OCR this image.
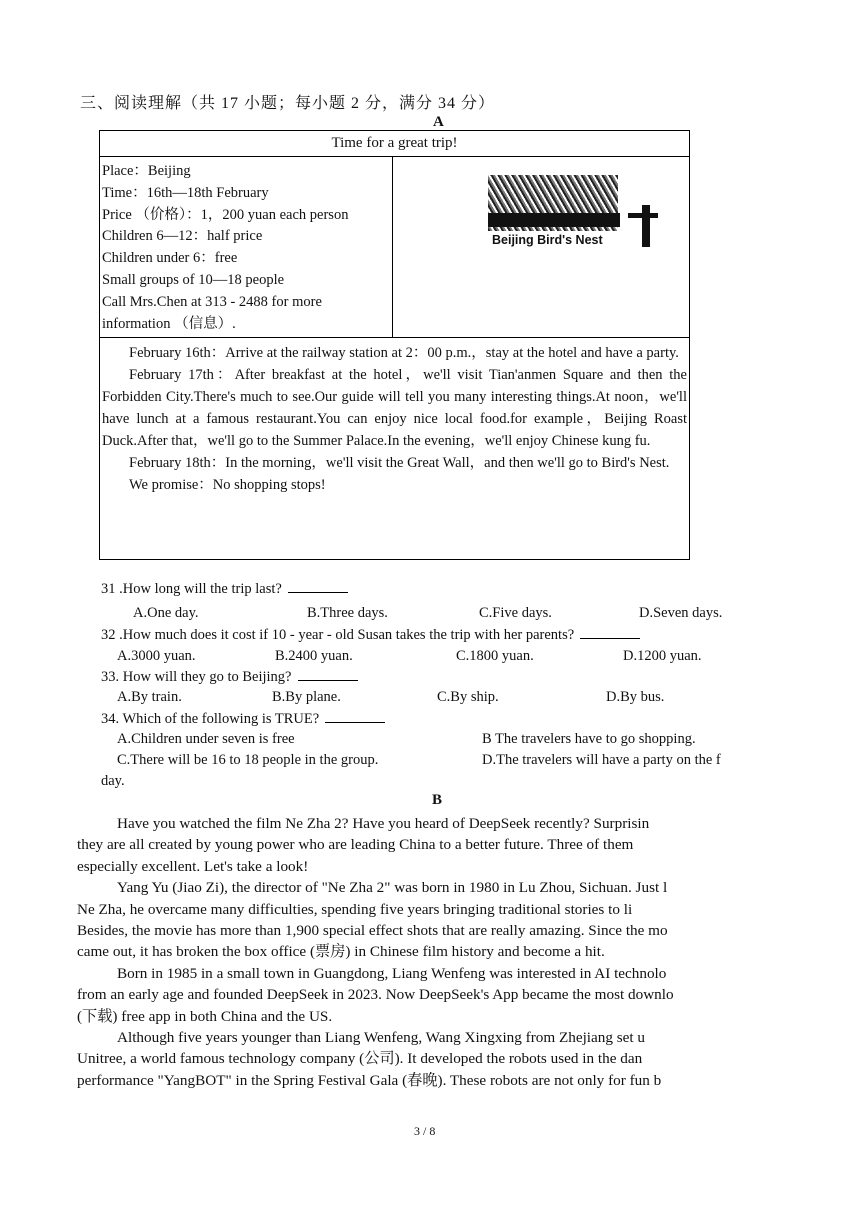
三、阅读理解（共 17 小题；每小题 2 分，满分 34 分）
A
Time for a great trip!
Place：Beijing
Time：16th—18th February
Price （价格）：1，200 yuan each person
Children 6—12：half price
Children under 6：free
Small groups of 10—18 people
Call Mrs.Chen at 313 - 2488 for more
information （信息）.
Beijing Bird's Nest

February 16th：Arrive at the railway station at 2：00 p.m.，stay at the hotel and have a party.

February 17th：After breakfast at the hotel，we'll visit Tian'anmen Square and then the Forbidden City.There's much to see.Our guide will tell you many interesting things.At noon，we'll have lunch at a famous restaurant.You can enjoy nice local food.for example，Beijing Roast Duck.After that，we'll go to the Summer Palace.In the evening，we'll enjoy Chinese kung fu.

February 18th：In the morning，we'll visit the Great Wall，and then we'll go to Bird's Nest.

We promise：No shopping stops!

31 .How long will the trip last?
A.One day.	B.Three days.	C.Five days.	D.Seven days.
32 .How much does it cost if 10 - year - old Susan takes the trip with her parents?
A.3000 yuan.	B.2400 yuan.	C.1800 yuan.	D.1200 yuan.
33. How will they go to Beijing?
A.By train.	B.By plane.	C.By ship.	D.By bus.
34. Which of the following is TRUE?
A.Children under seven is free	B The travelers have to go shopping.
C.There will be 16 to 18 people in the group.	D.The travelers will have a party on the f
day.
B

Have you watched the film Ne Zha 2? Have you heard of DeepSeek recently? Surprisin

they are all created by young power who are leading China to a better future. Three of them

especially excellent. Let's take a look!

Yang Yu (Jiao Zi), the director of "Ne Zha 2" was born in 1980 in Lu Zhou, Sichuan. Just l

Ne Zha, he overcame many difficulties, spending five years bringing traditional stories to li

Besides, the movie has more than 1,900 special effect shots that are really amazing. Since the mo

came out, it has broken the box office (票房) in Chinese film history and become a hit.

Born in 1985 in a small town in Guangdong, Liang Wenfeng was interested in AI technolo

from an early age and founded DeepSeek in 2023. Now DeepSeek's App became the most downlo

(下载) free app in both China and the US.

Although five years younger than Liang Wenfeng, Wang Xingxing from Zhejiang set u

Unitree, a world famous technology company (公司). It developed the robots used in the dan

performance "YangBOT" in the Spring Festival Gala (春晚). These robots are not only for fun b

3 / 8
